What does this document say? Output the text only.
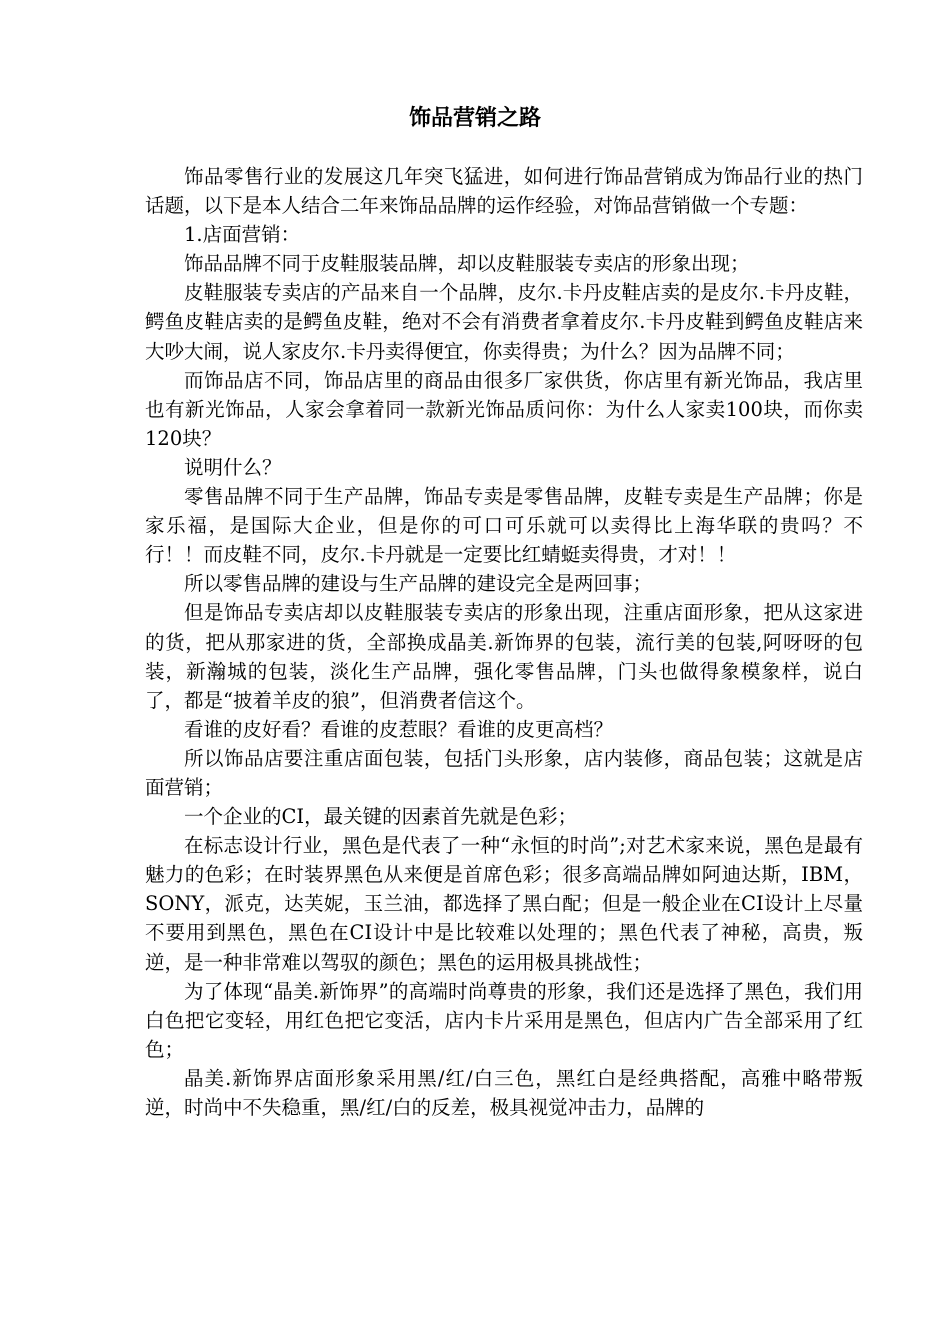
饰品营销之路

饰品零售行业的发展这几年突飞猛进，如何进行饰品营销成为饰品行业的热门话题，以下是本人结合二年来饰品品牌的运作经验，对饰品营销做一个专题：

1.店面营销：

饰品品牌不同于皮鞋服装品牌，却以皮鞋服装专卖店的形象出现；

皮鞋服装专卖店的产品来自一个品牌，皮尔.卡丹皮鞋店卖的是皮尔.卡丹皮鞋，鳄鱼皮鞋店卖的是鳄鱼皮鞋，绝对不会有消费者拿着皮尔.卡丹皮鞋到鳄鱼皮鞋店来大吵大闹，说人家皮尔.卡丹卖得便宜，你卖得贵；为什么？因为品牌不同；

而饰品店不同，饰品店里的商品由很多厂家供货，你店里有新光饰品，我店里也有新光饰品，人家会拿着同一款新光饰品质问你：为什么人家卖100块，而你卖120块？

说明什么？

零售品牌不同于生产品牌，饰品专卖是零售品牌，皮鞋专卖是生产品牌；你是家乐福，是国际大企业，但是你的可口可乐就可以卖得比上海华联的贵吗？不行！！而皮鞋不同，皮尔.卡丹就是一定要比红蜻蜓卖得贵，才对！！

所以零售品牌的建设与生产品牌的建设完全是两回事；

但是饰品专卖店却以皮鞋服装专卖店的形象出现，注重店面形象，把从这家进的货，把从那家进的货，全部换成晶美.新饰界的包装，流行美的包装,阿呀呀的包装，新瀚城的包装，淡化生产品牌，强化零售品牌，门头也做得象模象样，说白了，都是“披着羊皮的狼”，但消费者信这个。

看谁的皮好看？看谁的皮惹眼？看谁的皮更高档？

所以饰品店要注重店面包装，包括门头形象，店内装修，商品包装；这就是店面营销；

一个企业的CI，最关键的因素首先就是色彩；

在标志设计行业，黑色是代表了一种“永恒的时尚”;对艺术家来说，黑色是最有魅力的色彩；在时装界黑色从来便是首席色彩；很多高端品牌如阿迪达斯，IBM，SONY，派克，达芙妮，玉兰油，都选择了黑白配；但是一般企业在CI设计上尽量不要用到黑色，黑色在CI设计中是比较难以处理的；黑色代表了神秘，高贵，叛逆，是一种非常难以驾驭的颜色；黑色的运用极具挑战性；

为了体现“晶美.新饰界”的高端时尚尊贵的形象，我们还是选择了黑色，我们用白色把它变轻，用红色把它变活，店内卡片采用是黑色，但店内广告全部采用了红色；

晶美.新饰界店面形象采用黑/红/白三色，黑红白是经典搭配，高雅中略带叛逆，时尚中不失稳重，黑/红/白的反差，极具视觉冲击力，品牌的
